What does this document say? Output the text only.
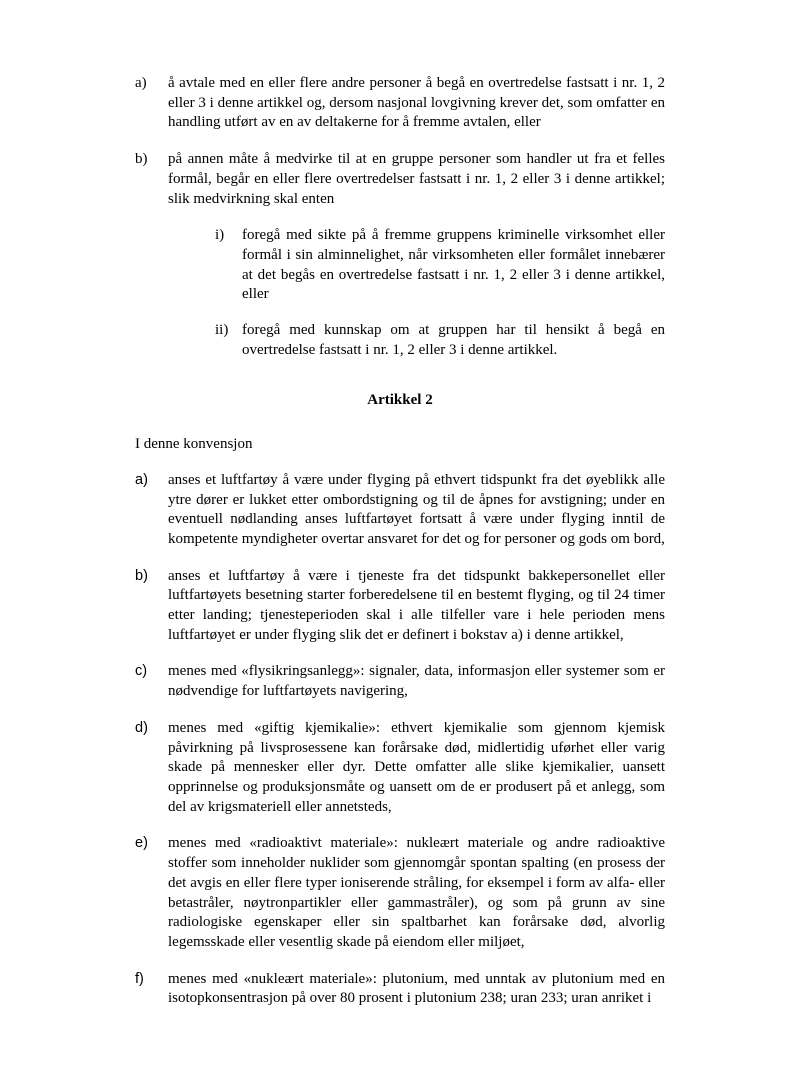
a)	å avtale med en eller flere andre personer å begå en overtredelse fastsatt i nr. 1, 2 eller 3 i denne artikkel og, dersom nasjonal lovgivning krever det, som omfatter en handling utført av en av deltakerne for å fremme avtalen, eller
b)	på annen måte å medvirke til at en gruppe personer som handler ut fra et felles formål, begår en eller flere overtredelser fastsatt i nr. 1, 2 eller 3 i denne artikkel; slik medvirkning skal enten
i)	foregå med sikte på å fremme gruppens kriminelle virksomhet eller formål i sin alminnelighet, når virksomheten eller formålet innebærer at det begås en overtredelse fastsatt i nr. 1, 2 eller 3 i denne artikkel, eller
ii) foregå med kunnskap om at gruppen har til hensikt å begå en overtredelse fastsatt i nr. 1, 2 eller 3 i denne artikkel.
Artikkel 2
I denne konvensjon
a)	anses et luftfartøy å være under flyging på ethvert tidspunkt fra det øyeblikk alle ytre dører er lukket etter ombordstigning og til de åpnes for avstigning; under en eventuell nødlanding anses luftfartøyet fortsatt å være under flyging inntil de kompetente myndigheter overtar ansvaret for det og for personer og gods om bord,
b)	anses et luftfartøy å være i tjeneste fra det tidspunkt bakkepersonellet eller luftfartøyets besetning starter forberedelsene til en bestemt flyging, og til 24 timer etter landing; tjenesteperioden skal i alle tilfeller vare i hele perioden mens luftfartøyet er under flyging slik det er definert i bokstav a) i denne artikkel,
c)	menes med «flysikringsanlegg»: signaler, data, informasjon eller systemer som er nødvendige for luftfartøyets navigering,
d)	menes med «giftig kjemikalie»: ethvert kjemikalie som gjennom kjemisk påvirkning på livsprosessene kan forårsake død, midlertidig uførhet eller varig skade på mennesker eller dyr. Dette omfatter alle slike kjemikalier, uansett opprinnelse og produksjonsmåte og uansett om de er produsert på et anlegg, som del av krigsmateriell eller annetsteds,
e)	menes med «radioaktivt materiale»: nukleært materiale og andre radioaktive stoffer som inneholder nuklider som gjennomgår spontan spalting (en prosess der det avgis en eller flere typer ioniserende stråling, for eksempel i form av alfa- eller betastråler, nøytronpartikler eller gammastråler), og som på grunn av sine radiologiske egenskaper eller sin spaltbarhet kan forårsake død, alvorlig legemsskade eller vesentlig skade på eiendom eller miljøet,
f)	menes med «nukleært materiale»: plutonium, med unntak av plutonium med en isotopkonsentrasjon på over 80 prosent i plutonium 238; uran 233; uran anriket i
